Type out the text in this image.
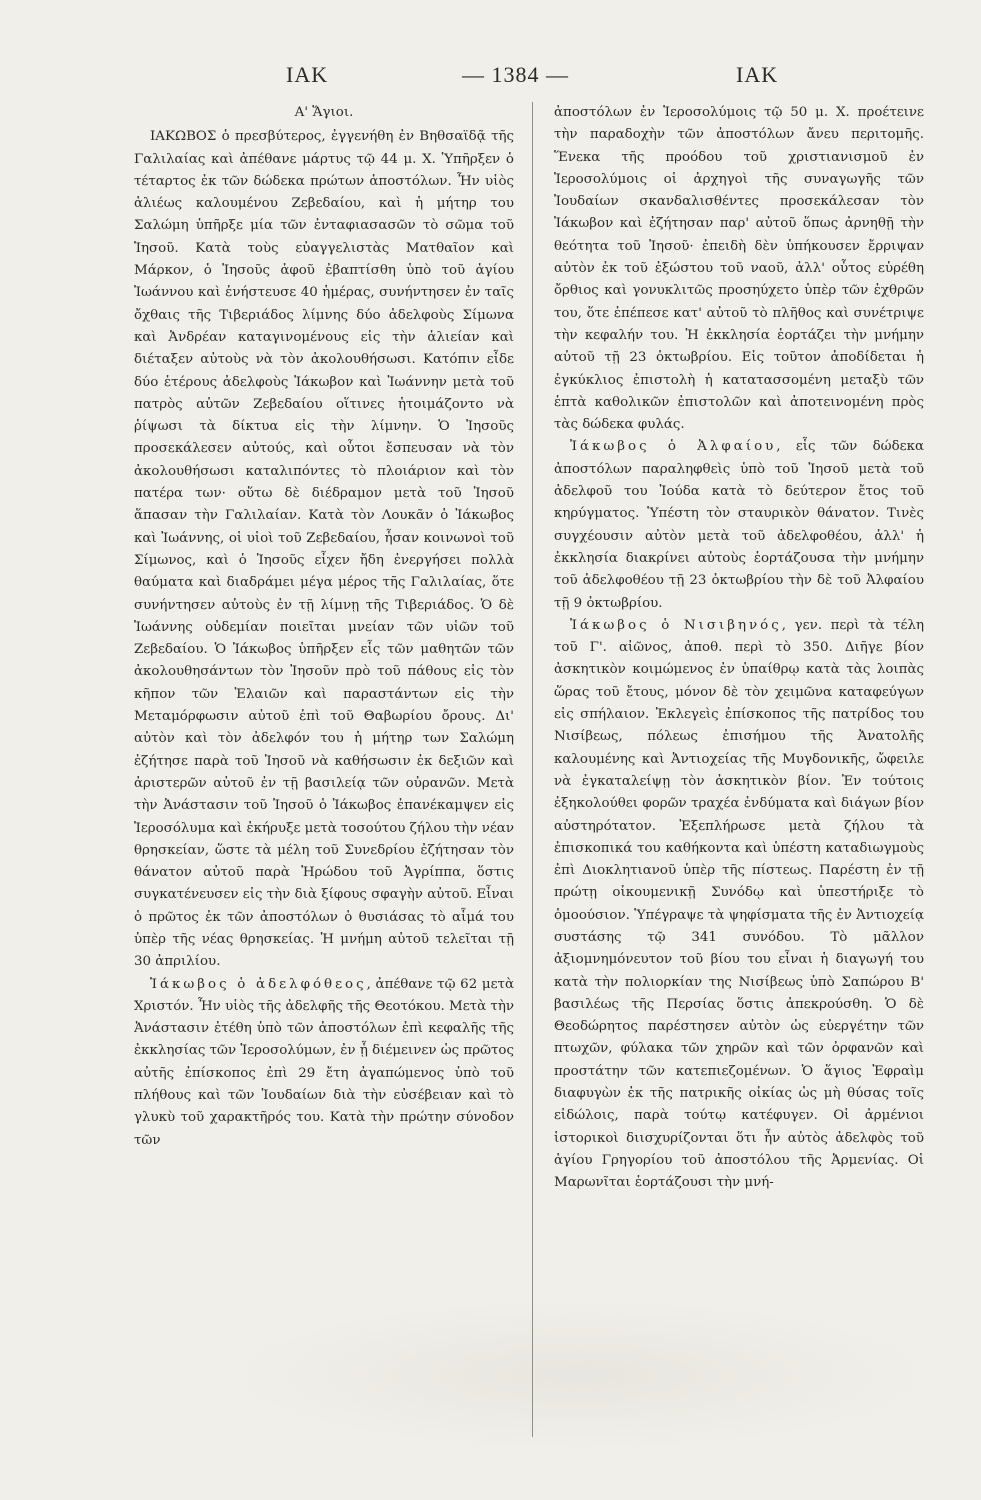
ΙΑΚ	— 1384 —	ΙΑΚ

Α' Ἅγιοι.

ΙΑΚΩΒΟΣ ὁ πρεσβύτερος, ἐγγενήθη ἐν Βηθσαϊδᾷ τῆς Γαλιλαίας καὶ ἀπέθανε μάρτυς τῷ 44 μ. Χ. Ὑπῆρξεν ὁ τέταρτος ἐκ τῶν δώδεκα πρώτων ἀποστόλων. Ἦν υἱὸς ἁλιέως καλουμένου Ζεβεδαίου, καὶ ἡ μήτηρ του Σαλώμη ὑπῆρξε μία τῶν ἐνταφιασασῶν τὸ σῶμα τοῦ Ἰησοῦ. Κατὰ τοὺς εὐαγγελιστὰς Ματθαῖον καὶ Μάρκον, ὁ Ἰησοῦς ἀφοῦ ἐβαπτίσθη ὑπὸ τοῦ ἁγίου Ἰωάννου καὶ ἐνήστευσε 40 ἡμέρας, συνήντησεν ἐν ταῖς ὄχθαις τῆς Τιβεριάδος λίμνης δύο ἀδελφοὺς Σίμωνα καὶ Ἀνδρέαν καταγινομένους εἰς τὴν ἁλιείαν καὶ διέταξεν αὐτοὺς νὰ τὸν ἀκολουθήσωσι. Κατόπιν εἶδε δύο ἑτέρους ἀδελφοὺς Ἰάκωβον καὶ Ἰωάννην μετὰ τοῦ πατρὸς αὐτῶν Ζεβεδαίου οἵτινες ἡτοιμάζοντο νὰ ῥίψωσι τὰ δίκτυα εἰς τὴν λίμνην. Ὁ Ἰησοῦς προσεκάλεσεν αὐτούς, καὶ οὗτοι ἔσπευσαν νὰ τὸν ἀκολουθήσωσι καταλιπόντες τὸ πλοιάριον καὶ τὸν πατέρα των· οὕτω δὲ διέδραμον μετὰ τοῦ Ἰησοῦ ἅπασαν τὴν Γαλιλαίαν. Κατὰ τὸν Λουκᾶν ὁ Ἰάκωβος καὶ Ἰωάννης, οἱ υἱοὶ τοῦ Ζεβεδαίου, ἦσαν κοινωνοὶ τοῦ Σίμωνος, καὶ ὁ Ἰησοῦς εἶχεν ἤδη ἐνεργήσει πολλὰ θαύματα καὶ διαδράμει μέγα μέρος τῆς Γαλιλαίας, ὅτε συνήντησεν αὐτοὺς ἐν τῇ λίμνῃ τῆς Τιβεριάδος. Ὁ δὲ Ἰωάννης οὐδεμίαν ποιεῖται μνείαν τῶν υἱῶν τοῦ Ζεβεδαίου. Ὁ Ἰάκωβος ὑπῆρξεν εἷς τῶν μαθητῶν τῶν ἀκολουθησάντων τὸν Ἰησοῦν πρὸ τοῦ πάθους εἰς τὸν κῆπον τῶν Ἐλαιῶν καὶ παραστάντων εἰς τὴν Μεταμόρφωσιν αὐτοῦ ἐπὶ τοῦ Θαβωρίου ὄρους. Δι' αὐτὸν καὶ τὸν ἀδελφόν του ἡ μήτηρ των Σαλώμη ἐζήτησε παρὰ τοῦ Ἰησοῦ νὰ καθήσωσιν ἐκ δεξιῶν καὶ ἀριστερῶν αὐτοῦ ἐν τῇ βασιλείᾳ τῶν οὐρανῶν. Μετὰ τὴν Ἀνάστασιν τοῦ Ἰησοῦ ὁ Ἰάκωβος ἐπανέκαμψεν εἰς Ἱεροσόλυμα καὶ ἐκήρυξε μετὰ τοσούτου ζήλου τὴν νέαν θρησκείαν, ὥστε τὰ μέλη τοῦ Συνεδρίου ἐζήτησαν τὸν θάνατον αὐτοῦ παρὰ Ἡρώδου τοῦ Ἀγρίππα, ὅστις συγκατένευσεν εἰς τὴν διὰ ξίφους σφαγὴν αὐτοῦ. Εἶναι ὁ πρῶτος ἐκ τῶν ἀποστόλων ὁ θυσιάσας τὸ αἷμά του ὑπὲρ τῆς νέας θρησκείας. Ἡ μνήμη αὐτοῦ τελεῖται τῇ 30 ἀπριλίου.

Ἰάκωβος ὁ ἀδελφόθεος, ἀπέθανε τῷ 62 μετὰ Χριστόν. Ἦν υἱὸς τῆς ἀδελφῆς τῆς Θεοτόκου. Μετὰ τὴν Ἀνάστασιν ἐτέθη ὑπὸ τῶν ἀποστόλων ἐπὶ κεφαλῆς τῆς ἐκκλησίας τῶν Ἱεροσολύμων, ἐν ᾗ διέμεινεν ὡς πρῶτος αὐτῆς ἐπίσκοπος ἐπὶ 29 ἔτη ἀγαπώμενος ὑπὸ τοῦ πλήθους καὶ τῶν Ἰουδαίων διὰ τὴν εὐσέβειαν καὶ τὸ γλυκὺ τοῦ χαρακτῆρός του. Κατὰ τὴν πρώτην σύνοδον τῶν

ἀποστόλων ἐν Ἱεροσολύμοις τῷ 50 μ. Χ. προέτεινε τὴν παραδοχὴν τῶν ἀποστόλων ἄνευ περιτομῆς. Ἕνεκα τῆς προόδου τοῦ χριστιανισμοῦ ἐν Ἱεροσολύμοις οἱ ἀρχηγοὶ τῆς συναγωγῆς τῶν Ἰουδαίων σκανδαλισθέντες προσεκάλεσαν τὸν Ἰάκωβον καὶ ἐζήτησαν παρ' αὐτοῦ ὅπως ἀρνηθῇ τὴν θεότητα τοῦ Ἰησοῦ· ἐπειδὴ δὲν ὑπήκουσεν ἔρριψαν αὐτὸν ἐκ τοῦ ἐξώστου τοῦ ναοῦ, ἀλλ' οὗτος εὑρέθη ὄρθιος καὶ γονυκλιτῶς προσηύχετο ὑπὲρ τῶν ἐχθρῶν του, ὅτε ἐπέπεσε κατ' αὐτοῦ τὸ πλῆθος καὶ συνέτριψε τὴν κεφαλήν του. Ἡ ἐκκλησία ἑορτάζει τὴν μνήμην αὐτοῦ τῇ 23 ὀκτωβρίου. Εἰς τοῦτον ἀποδίδεται ἡ ἐγκύκλιος ἐπιστολὴ ἡ κατατασσομένη μεταξὺ τῶν ἑπτὰ καθολικῶν ἐπιστολῶν καὶ ἀποτεινομένη πρὸς τὰς δώδεκα φυλάς.

Ἰάκωβος ὁ Ἀλφαίου, εἷς τῶν δώδεκα ἀποστόλων παραληφθεὶς ὑπὸ τοῦ Ἰησοῦ μετὰ τοῦ ἀδελφοῦ του Ἰούδα κατὰ τὸ δεύτερον ἔτος τοῦ κηρύγματος. Ὑπέστη τὸν σταυρικὸν θάνατον. Τινὲς συγχέουσιν αὐτὸν μετὰ τοῦ ἀδελφοθέου, ἀλλ' ἡ ἐκκλησία διακρίνει αὐτοὺς ἑορτάζουσα τὴν μνήμην τοῦ ἀδελφοθέου τῇ 23 ὀκτωβρίου τὴν δὲ τοῦ Ἀλφαίου τῇ 9 ὀκτωβρίου.

Ἰάκωβος ὁ Νισιβηνός, γεν. περὶ τὰ τέλη τοῦ Γ'. αἰῶνος, ἀποθ. περὶ τὸ 350. Διῆγε βίον ἀσκητικὸν κοιμώμενος ἐν ὑπαίθρῳ κατὰ τὰς λοιπὰς ὥρας τοῦ ἔτους, μόνον δὲ τὸν χειμῶνα καταφεύγων εἰς σπήλαιον. Ἐκλεγεὶς ἐπίσκοπος τῆς πατρίδος του Νισίβεως, πόλεως ἐπισήμου τῆς Ἀνατολῆς καλουμένης καὶ Ἀντιοχείας τῆς Μυγδονικῆς, ὤφειλε νὰ ἐγκαταλείψῃ τὸν ἀσκητικὸν βίον. Ἐν τούτοις ἐξηκολούθει φορῶν τραχέα ἐνδύματα καὶ διάγων βίον αὐστηρότατον. Ἐξεπλήρωσε μετὰ ζήλου τὰ ἐπισκοπικά του καθήκοντα καὶ ὑπέστη καταδιωγμοὺς ἐπὶ Διοκλητιανοῦ ὑπὲρ τῆς πίστεως. Παρέστη ἐν τῇ πρώτῃ οἰκουμενικῇ Συνόδῳ καὶ ὑπεστήριξε τὸ ὁμοούσιον. Ὑπέγραψε τὰ ψηφίσματα τῆς ἐν Ἀντιοχείᾳ συστάσης τῷ 341 συνόδου. Τὸ μᾶλλον ἀξιομνημόνευτον τοῦ βίου του εἶναι ἡ διαγωγή του κατὰ τὴν πολιορκίαν της Νισίβεως ὑπὸ Σαπώρου Β' βασιλέως τῆς Περσίας ὅστις ἀπεκρούσθη. Ὁ δὲ Θεοδώρητος παρέστησεν αὐτὸν ὡς εὐεργέτην τῶν πτωχῶν, φύλακα τῶν χηρῶν καὶ τῶν ὀρφανῶν καὶ προστάτην τῶν κατεπιεζομένων. Ὁ ἅγιος Ἐφραὶμ διαφυγὼν ἐκ τῆς πατρικῆς οἰκίας ὡς μὴ θύσας τοῖς εἰδώλοις, παρὰ τούτῳ κατέφυγεν. Οἱ ἀρμένιοι ἱστορικοὶ διισχυρίζονται ὅτι ἦν αὐτὸς ἀδελφὸς τοῦ ἁγίου Γρηγορίου τοῦ ἀποστόλου τῆς Ἀρμενίας. Οἱ Μαρωνῖται ἑορτάζουσι τὴν μνή-
